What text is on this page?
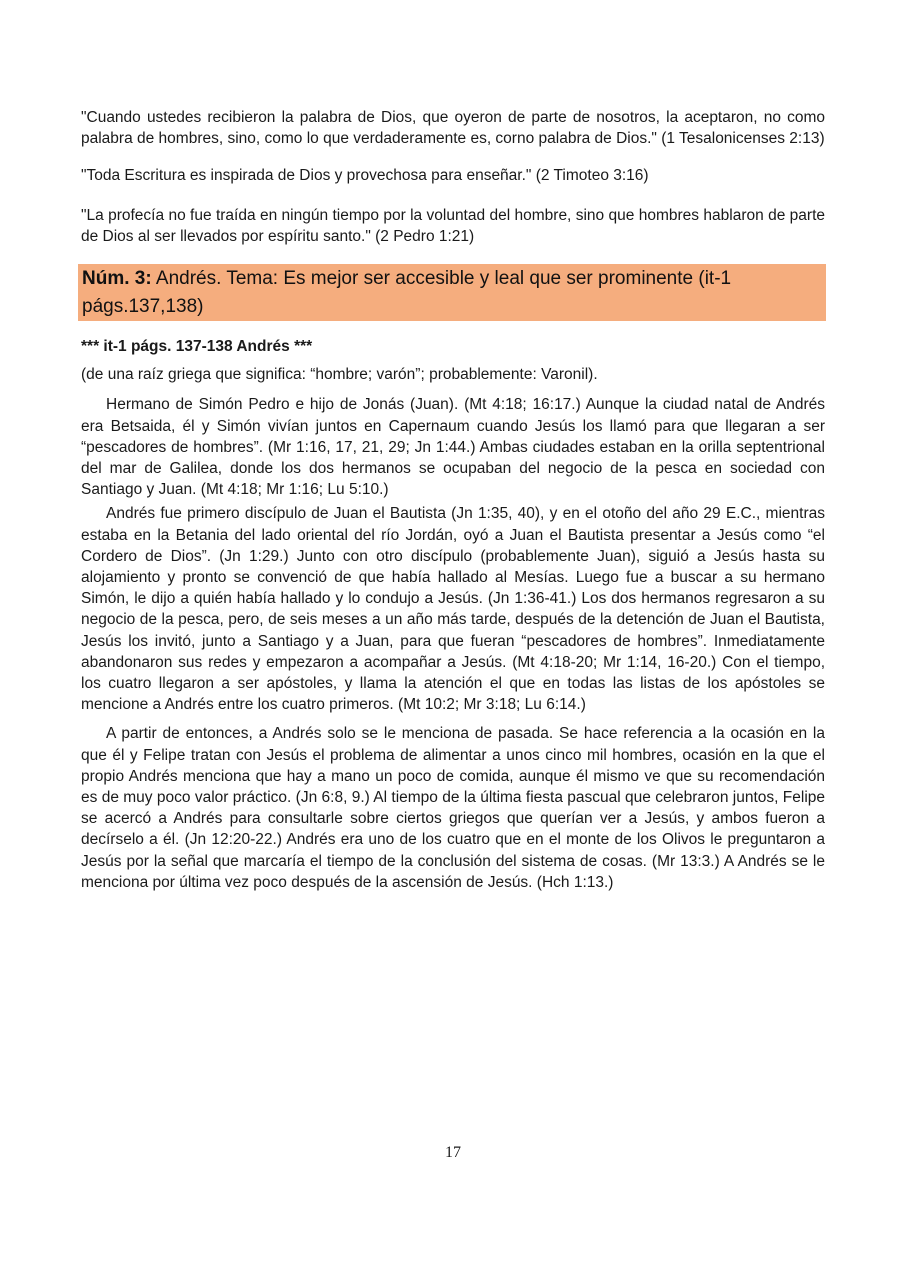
"Cuando ustedes recibieron la palabra de Dios, que oyeron de parte de nosotros, la aceptaron, no como palabra de hombres, sino, como lo que verdaderamente es, corno palabra de Dios." (1 Tesalonicenses 2:13)

"Toda Escritura es inspirada de Dios y provechosa para enseñar." (2 Timoteo 3:16)

"La profecía no fue traída en ningún tiempo por la voluntad del hombre, sino que hombres hablaron de parte de Dios al ser llevados por espíritu santo." (2 Pedro 1:21)

Núm. 3: Andrés. Tema: Es mejor ser accesible y leal que ser prominente (it-1 págs.137,138)

*** it-1 págs. 137-138 Andrés ***

(de una raíz griega que significa: “hombre; varón”; probablemente: Varonil).

Hermano de Simón Pedro e hijo de Jonás (Juan). (Mt 4:18; 16:17.) Aunque la ciudad natal de Andrés era Betsaida, él y Simón vivían juntos en Capernaum cuando Jesús los llamó para que llegaran a ser “pescadores de hombres”. (Mr 1:16, 17, 21, 29; Jn 1:44.) Ambas ciudades estaban en la orilla septentrional del mar de Galilea, donde los dos hermanos se ocupaban del negocio de la pesca en sociedad con Santiago y Juan. (Mt 4:18; Mr 1:16; Lu 5:10.)

Andrés fue primero discípulo de Juan el Bautista (Jn 1:35, 40), y en el otoño del año 29 E.C., mientras estaba en la Betania del lado oriental del río Jordán, oyó a Juan el Bautista presentar a Jesús como “el Cordero de Dios”. (Jn 1:29.) Junto con otro discípulo (probablemente Juan), siguió a Jesús hasta su alojamiento y pronto se convenció de que había hallado al Mesías. Luego fue a buscar a su hermano Simón, le dijo a quién había hallado y lo condujo a Jesús. (Jn 1:36-41.) Los dos hermanos regresaron a su negocio de la pesca, pero, de seis meses a un año más tarde, después de la detención de Juan el Bautista, Jesús los invitó, junto a Santiago y a Juan, para que fueran “pescadores de hombres”. Inmediatamente abandonaron sus redes y empezaron a acompañar a Jesús. (Mt 4:18-20; Mr 1:14, 16-20.) Con el tiempo, los cuatro llegaron a ser apóstoles, y llama la atención el que en todas las listas de los apóstoles se mencione a Andrés entre los cuatro primeros. (Mt 10:2; Mr 3:18; Lu 6:14.)

A partir de entonces, a Andrés solo se le menciona de pasada. Se hace referencia a la ocasión en la que él y Felipe tratan con Jesús el problema de alimentar a unos cinco mil hombres, ocasión en la que el propio Andrés menciona que hay a mano un poco de comida, aunque él mismo ve que su recomendación es de muy poco valor práctico. (Jn 6:8, 9.) Al tiempo de la última fiesta pascual que celebraron juntos, Felipe se acercó a Andrés para consultarle sobre ciertos griegos que querían ver a Jesús, y ambos fueron a decírselo a él. (Jn 12:20-22.) Andrés era uno de los cuatro que en el monte de los Olivos le preguntaron a Jesús por la señal que marcaría el tiempo de la conclusión del sistema de cosas. (Mr 13:3.) A Andrés se le menciona por última vez poco después de la ascensión de Jesús. (Hch 1:13.)

17
